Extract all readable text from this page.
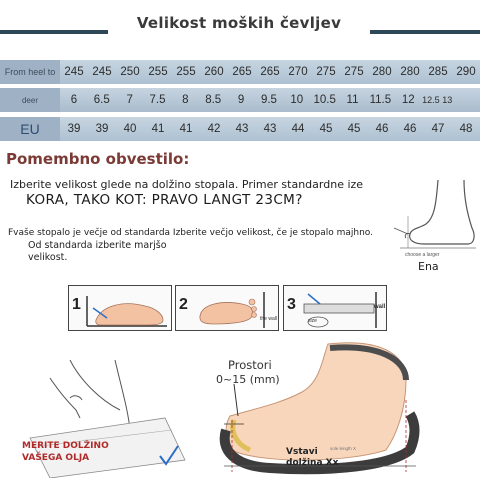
Velikost moških čevljev
From heel to 245 245 250 255 255 260 265 265 270 275 275 280 280 285 290
deer	6	6.5	7	7.5	8	8.5	9	9.5	10 10.5 11 11.5 12 12.5 13
EU	39	39	40	41	41	42	43	43	44	45	45	46	46	47	48
Pomembno obvestilo:
Izberite velikost glede na dolžino stopala. Primer standardne ize
KORA, TAKO KOT: PRAVO LANGT 23CM?
Fvaše stopalo je večje od standarda Izberite večjo velikost, če je stopalo majhno.
Od standarda izberite marjšo velikost.	choose a larger
Ena
1	2
the wall
3	wall
size
MERITE DOLŽINO
VAŠEGA OLJA
Prostori
0~15 (mm)
sole length X
Vstavi
dolžina Xx
